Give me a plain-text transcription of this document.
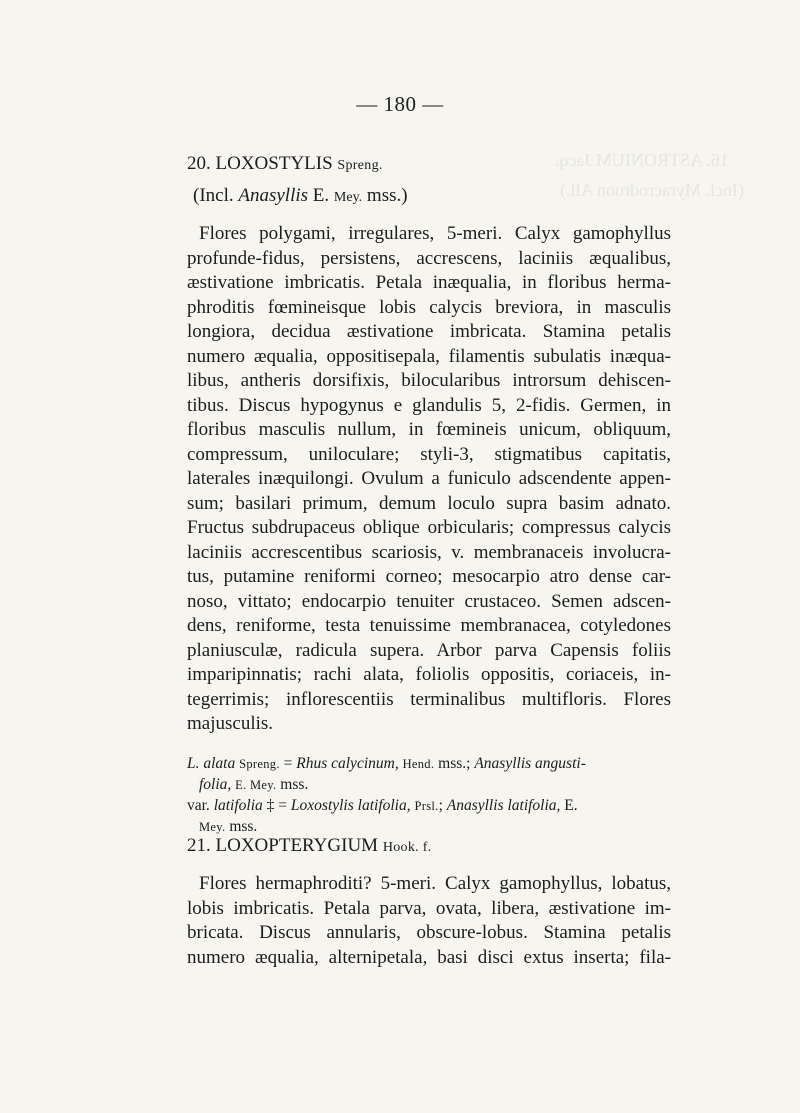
16. ASTRONIUM Jacq.
(Incl. Myracrodruon All.)
— 180 —
20. LOXOSTYLIS Spreng.
(Incl. Anasyllis E. Mey. mss.)
Flores polygami, irregulares, 5-meri. Calyx gamophyllus
profunde-fidus, persistens, accrescens, laciniis æqualibus,
æstivatione imbricatis. Petala inæqualia, in floribus herma-
phroditis fœmineisque lobis calycis breviora, in masculis
longiora, decidua æstivatione imbricata. Stamina petalis
numero æqualia, oppositisepala, filamentis subulatis inæqua-
libus, antheris dorsifixis, bilocularibus introrsum dehiscen-
tibus. Discus hypogynus e glandulis 5, 2-fidis. Germen, in
floribus masculis nullum, in fœmineis unicum, obliquum,
compressum, uniloculare; styli-3, stigmatibus capitatis,
laterales inæquilongi. Ovulum a funiculo adscendente appen-
sum; basilari primum, demum loculo supra basim adnato.
Fructus subdrupaceus oblique orbicularis; compressus calycis
laciniis accrescentibus scariosis, v. membranaceis involucra-
tus, putamine reniformi corneo; mesocarpio atro dense car-
noso, vittato; endocarpio tenuiter crustaceo. Semen adscen-
dens, reniforme, testa tenuissime membranacea, cotyledones
planiusculæ, radicula supera. Arbor parva Capensis foliis
imparipinnatis; rachi alata, foliolis oppositis, coriaceis, in-
tegerrimis; inflorescentiis terminalibus multifloris. Flores
majusculis.
L. alata Spreng. = Rhus calycinum, Hend. mss.; Anasyllis angusti-
folia, E. Mey. mss.
var. latifolia ‡ = Loxostylis latifolia, Prsl.; Anasyllis latifolia, E.
Mey. mss.
21. LOXOPTERYGIUM Hook. f.
Flores hermaphroditi? 5-meri. Calyx gamophyllus, lobatus,
lobis imbricatis. Petala parva, ovata, libera, æstivatione im-
bricata. Discus annularis, obscure-lobus. Stamina petalis
numero æqualia, alternipetala, basi disci extus inserta; fila-
